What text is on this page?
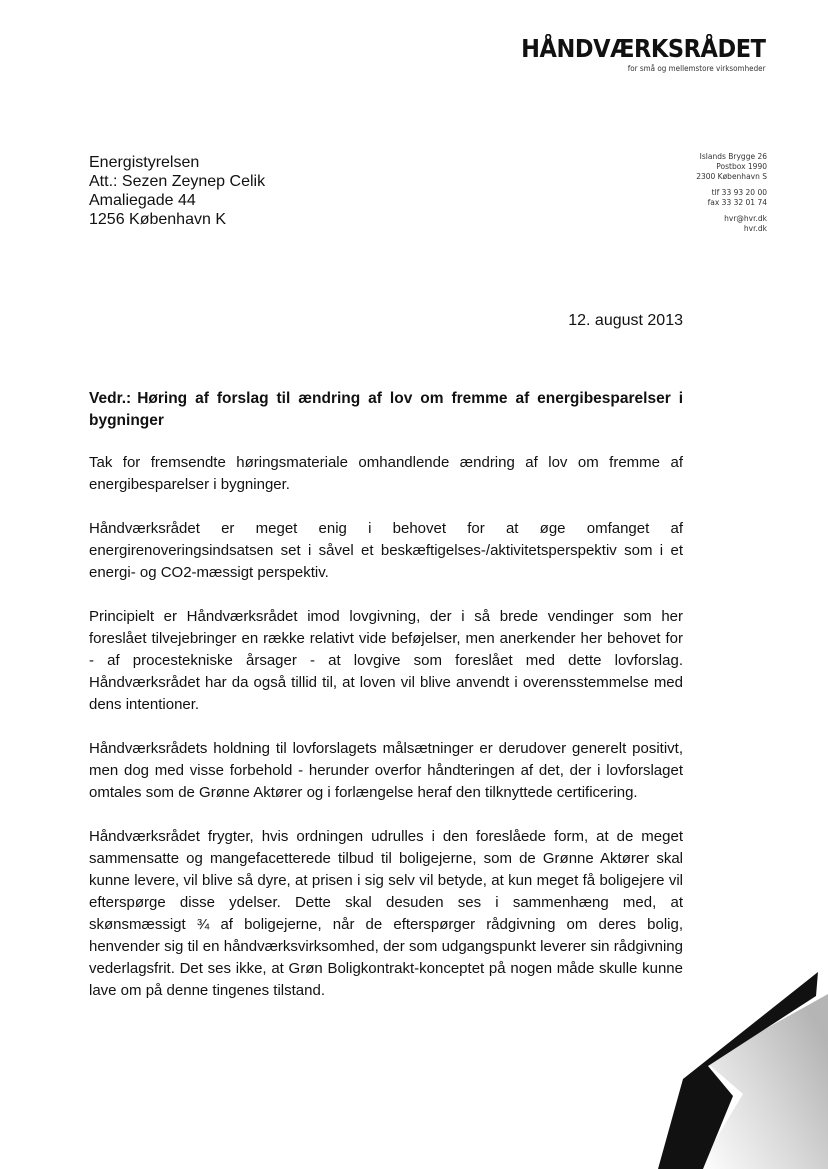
HÅNDVÆRKSRÅDET
for små og mellemstore virksomheder
Energistyrelsen
Att.: Sezen Zeynep Celik
Amaliegade 44
1256 København K
Islands Brygge 26
Postbox 1990
2300 København S
tlf 33 93 20 00
fax 33 32 01 74
hvr@hvr.dk
hvr.dk
12. august 2013
Vedr.: Høring af forslag til ændring af lov om fremme af energibesparelser i bygninger

Tak for fremsendte høringsmateriale omhandlende ændring af lov om fremme af energibesparelser i bygninger.

Håndværksrådet er meget enig i behovet for at øge omfanget af energirenoveringsindsatsen set i såvel et beskæftigelses-/aktivitetsperspektiv som i et energi- og CO2-mæssigt perspektiv.

Principielt er Håndværksrådet imod lovgivning, der i så brede vendinger som her foreslået tilvejebringer en række relativt vide beføjelser, men anerkender her behovet for - af procestekniske årsager - at lovgive som foreslået med dette lovforslag. Håndværksrådet har da også tillid til, at loven vil blive anvendt i overensstemmelse med dens intentioner.

Håndværksrådets holdning til lovforslagets målsætninger er derudover generelt positivt, men dog med visse forbehold - herunder overfor håndteringen af det, der i lovforslaget omtales som de Grønne Aktører og i forlængelse heraf den tilknyttede certificering.

Håndværksrådet frygter, hvis ordningen udrulles i den foreslåede form, at de meget sammensatte og mangefacetterede tilbud til boligejerne, som de Grønne Aktører skal kunne levere, vil blive så dyre, at prisen i sig selv vil betyde, at kun meget få boligejere vil efterspørge disse ydelser. Dette skal desuden ses i sammenhæng med, at skønsmæssigt ¾ af boligejerne, når de efterspørger rådgivning om deres bolig, henvender sig til en håndværksvirksomhed, der som udgangspunkt leverer sin rådgivning vederlagsfrit. Det ses ikke, at Grøn Boligkontrakt-konceptet på nogen måde skulle kunne lave om på denne tingenes tilstand.
